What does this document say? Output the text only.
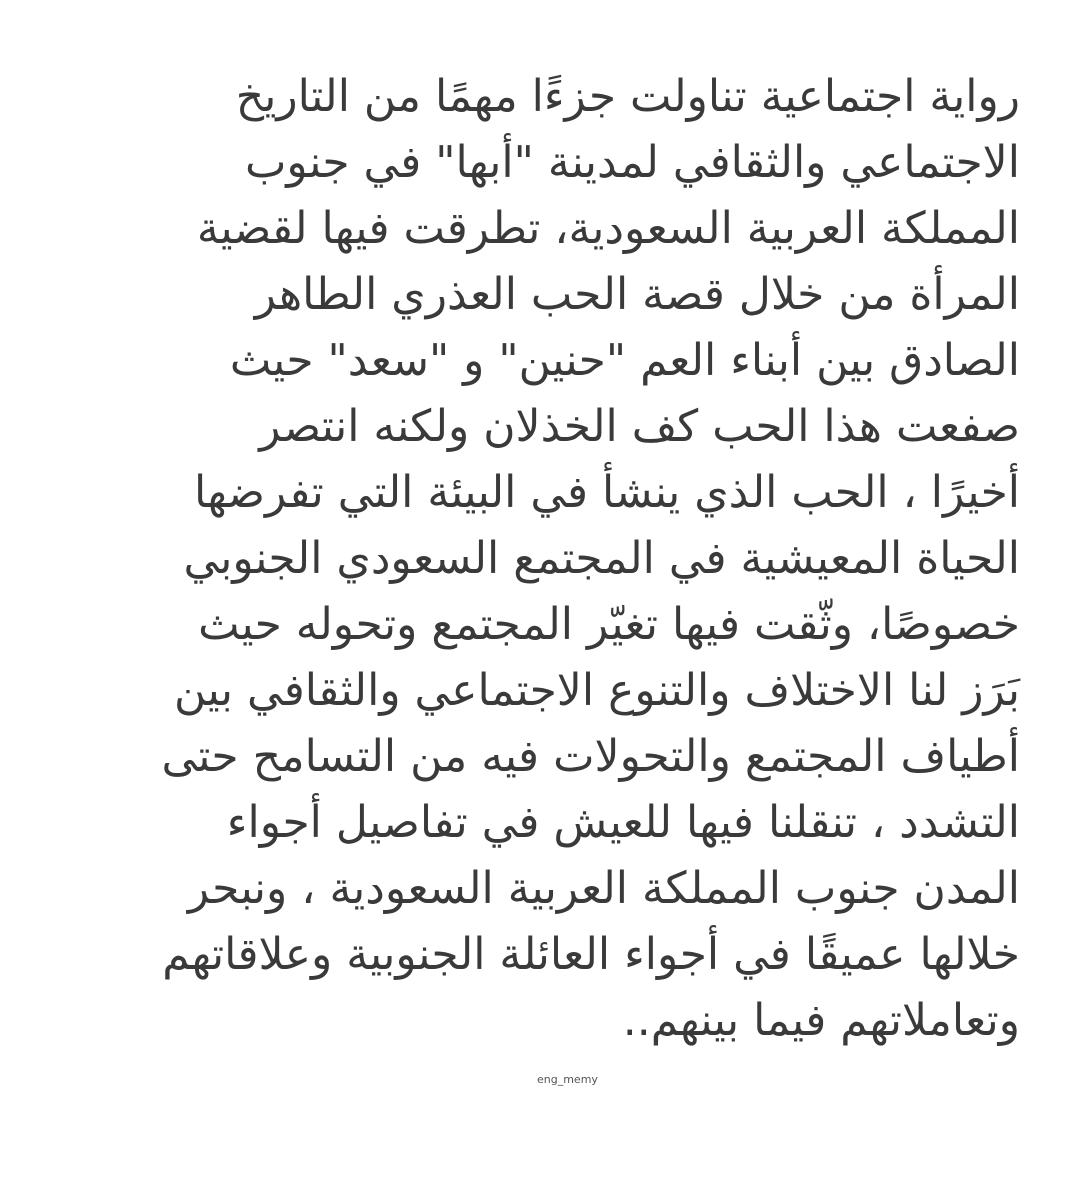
رواية اجتماعية تناولت جزءًا مهمًا من التاريخ
الاجتماعي والثقافي لمدينة "أبها" في جنوب
المملكة العربية السعودية، تطرقت فيها لقضية
المرأة من خلال قصة الحب العذري الطاهر
الصادق بين أبناء العم "حنين" و "سعد" حيث
صفعت هذا الحب كف الخذلان ولكنه انتصر
أخيرًا ، الحب الذي ينشأ في البيئة التي تفرضها
الحياة المعيشية في المجتمع السعودي الجنوبي
خصوصًا، وثّقت فيها تغيّر المجتمع وتحوله حيث
بَرَز لنا الاختلاف والتنوع الاجتماعي والثقافي بين
أطياف المجتمع والتحولات فيه من التسامح حتى
التشدد ، تنقلنا فيها للعيش في تفاصيل أجواء
المدن جنوب المملكة العربية السعودية ، ونبحر
خلالها عميقًا في أجواء العائلة الجنوبية وعلاقاتهم
وتعاملاتهم فيما بينهم..
eng_memy
